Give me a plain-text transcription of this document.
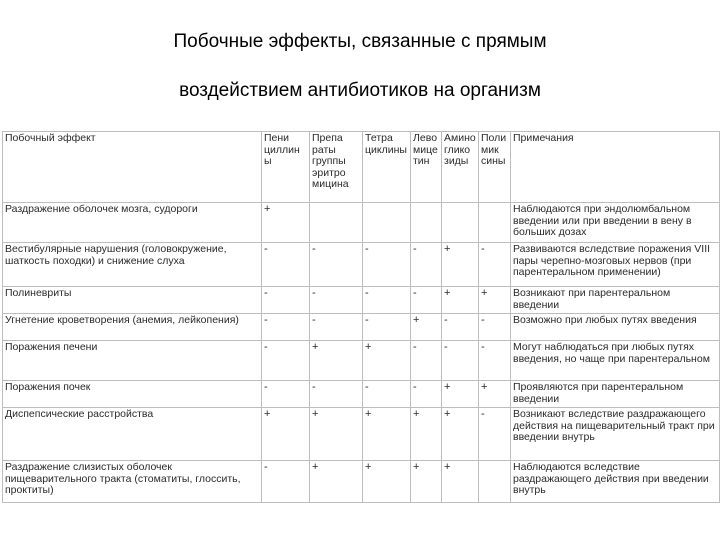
Побочные эффекты, связанные с прямым
воздействием антибиотиков на организм
Побочный эффект	Пени циллины	Препа раты группы эритро мицина	Тетра циклины	Лево мице тин	Амино глико зиды	Поли мик сины	Примечания
Раздражение оболочек мозга, судороги	+						Наблюдаются при эндолюмбальном введении или при введении в вену в больших дозах
Вестибулярные нарушения (головокружение, шаткость походки) и снижение слуха	-	-	-	-	+	-	Развиваются вследствие поражения VIII пары черепно-мозговых нервов (при парентеральном применении)
Полиневриты	-	-	-	-	+	+	Возникают при парентеральном введении
Угнетение кроветворения (анемия, лейкопения)	-	-	-	+	-	-	Возможно при любых путях введения
Поражения печени	-	+	+	-	-	-	Могут наблюдаться при любых путях введения, но чаще при парентеральном
Поражения почек	-	-	-	-	+	+	Проявляются при парентеральном введении
Диспепсические расстройства	+	+	+	+	+	-	Возникают вследствие раздражающего действия на пищеварительный тракт при введении внутрь
Раздражение слизистых оболочек пищеварительного тракта (стоматиты, глоссить, проктиты)	-	+	+	+	+		Наблюдаются вследствие раздражающего действия при введении внутрь
